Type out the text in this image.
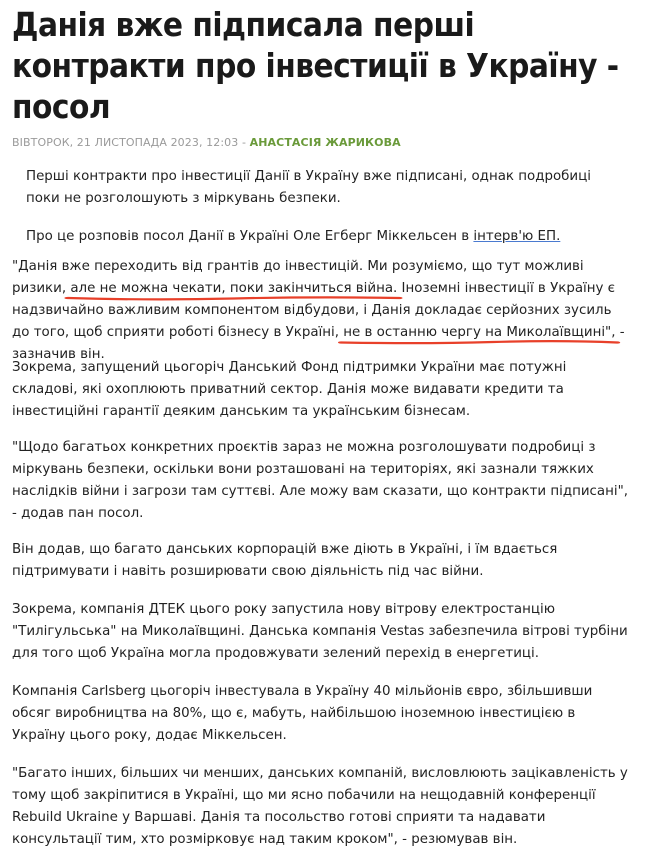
Данія вже підписала перші контракти про інвестиції в Україну - посол
ВІВТОРОК, 21 ЛИСТОПАДА 2023, 12:03 - АНАСТАСІЯ ЖАРИКОВА

Перші контракти про інвестиції Данії в Україну вже підписані, однак подробиці поки не розголошують з міркувань безпеки.

Про це розповів посол Данії в Україні Оле Егберг Міккельсен в інтерв'ю ЕП.

"Данія вже переходить від грантів до інвестицій. Ми розуміємо, що тут можливі ризики, але не можна чекати, поки закінчиться війна.
Іноземні інвестиції в Україну є надзвичайно важливим компонентом відбудови, і Данія докладає серйозних зусиль до того, щоб сприяти роботі бізнесу в Україні, не в останню чергу на Миколаївщині",
- зазначив він.

Зокрема, запущений цьогоріч Данський Фонд підтримки України має потужні складові, які охоплюють приватний сектор. Данія може видавати кредити та інвестиційні гарантії деяким данським та українським бізнесам.

"Щодо багатьох конкретних проєктів зараз не можна розголошувати подробиці з міркувань безпеки, оскільки вони розташовані на територіях, які зазнали тяжких наслідків війни і загрози там суттєві. Але можу вам сказати, що контракти підписані", - додав пан посол.

Він додав, що багато данських корпорацій вже діють в Україні, і їм вдається підтримувати і навіть розширювати свою діяльність під час війни.

Зокрема, компанія ДТЕК цього року запустила нову вітрову електростанцію "Тилігульська" на Миколаївщині. Данська компанія Vestas забезпечила вітрові турбіни для того щоб Україна могла продовжувати зелений перехід в енергетиці.

Компанія Carlsberg цьогоріч інвестувала в Україну 40 мільйонів євро, збільшивши обсяг виробництва на 80%, що є, мабуть, найбільшою іноземною інвестицією в Україну цього року, додає Міккельсен.

"Багато інших, більших чи менших, данських компаній, висловлюють зацікавленість у тому щоб закріпитися в Україні, що ми ясно побачили на нещодавній конференції Rebuild Ukraine у Варшаві. Данія та посольство готові сприяти та надавати консультації тим, хто розмірковує над таким кроком", - резюмував він.
